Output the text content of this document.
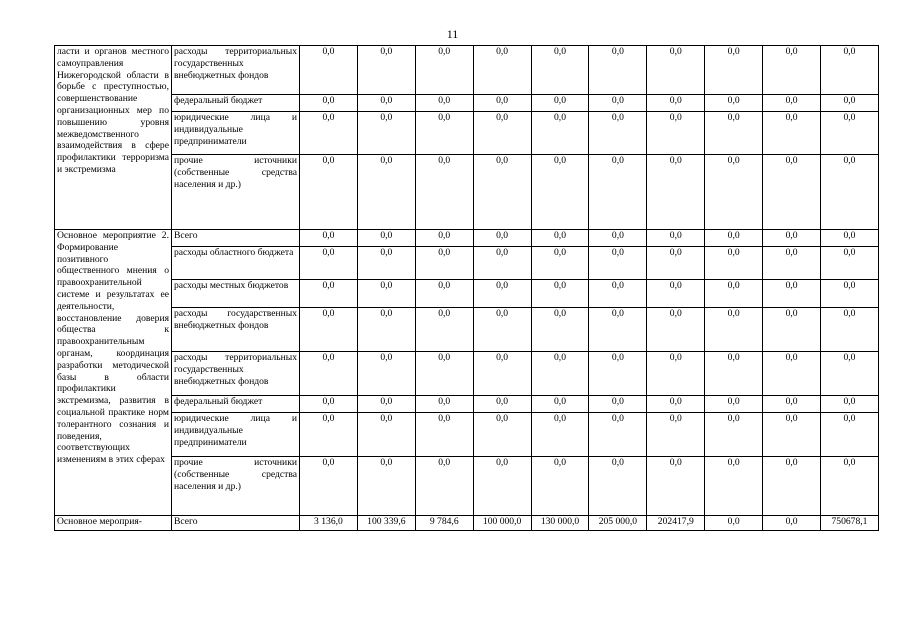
11
ласти и органов местного самоуправления Нижегородской области в борьбе с преступностью, совершенствование организационных мер по повышению уровня межведомственного взаимодействия в сфере профилактики терроризма и экстремизма	расходы территориальных государственных внебюджетных фондов	0,0	0,0	0,0	0,0	0,0	0,0	0,0	0,0	0,0	0,0
	федеральный бюджет	0,0	0,0	0,0	0,0	0,0	0,0	0,0	0,0	0,0	0,0
	юридические лица и индивидуальные предприниматели	0,0	0,0	0,0	0,0	0,0	0,0	0,0	0,0	0,0	0,0
	прочие источники (собственные средства населения и др.)	0,0	0,0	0,0	0,0	0,0	0,0	0,0	0,0	0,0	0,0
Основное мероприятие 2. Формирование позитивного общественного мнения о правоохранительной системе и результатах ее деятельности, восстановление доверия общества к правоохранительным органам, координация разработки методической базы в области профилактики экстремизма, развития в социальной практике норм толерантного сознания и поведения, соответствующих изменениям в этих сферах	Всего	0,0	0,0	0,0	0,0	0,0	0,0	0,0	0,0	0,0	0,0
	расходы областного бюджета	0,0	0,0	0,0	0,0	0,0	0,0	0,0	0,0	0,0	0,0
	расходы местных бюджетов	0,0	0,0	0,0	0,0	0,0	0,0	0,0	0,0	0,0	0,0
	расходы государственных внебюджетных фондов	0,0	0,0	0,0	0,0	0,0	0,0	0,0	0,0	0,0	0,0
	расходы территориальных государственных внебюджетных фондов	0,0	0,0	0,0	0,0	0,0	0,0	0,0	0,0	0,0	0,0
	федеральный бюджет	0,0	0,0	0,0	0,0	0,0	0,0	0,0	0,0	0,0	0,0
	юридические лица и индивидуальные предприниматели	0,0	0,0	0,0	0,0	0,0	0,0	0,0	0,0	0,0	0,0
	прочие источники (собственные средства населения и др.)	0,0	0,0	0,0	0,0	0,0	0,0	0,0	0,0	0,0	0,0
Основное мероприя-	Всего	3 136,0	100 339,6	9 784,6	100 000,0	130 000,0	205 000,0	202417,9	0,0	0,0	750678,1
